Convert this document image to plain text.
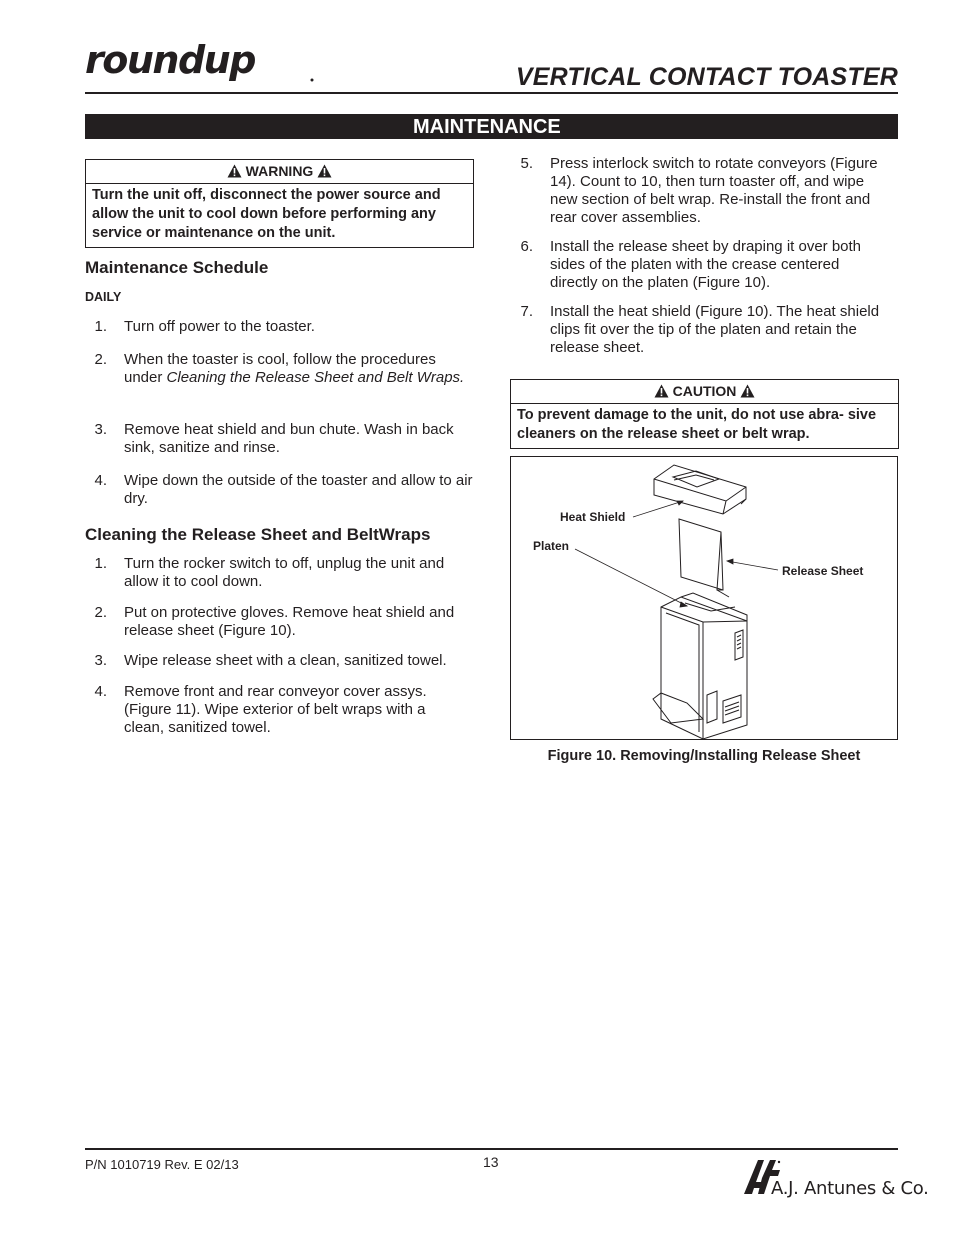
roundup	VERTICAL CONTACT TOASTER
MAINTENANCE
WARNING
Turn the unit off, disconnect the power source and allow the unit to cool down before performing any service or maintenance on the unit.
Maintenance Schedule
DAILY
1. Turn off power to the toaster.
2. When the toaster is cool, follow the procedures under Cleaning the Release Sheet and Belt Wraps.
3. Remove heat shield and bun chute. Wash in back sink, sanitize and rinse.
4. Wipe down the outside of the toaster and allow to air dry.
Cleaning the Release Sheet and BeltWraps
1. Turn the rocker switch to off, unplug the unit and allow it to cool down.
2. Put on protective gloves. Remove heat shield and release sheet (Figure 10).
3. Wipe release sheet with a clean, sanitized towel.
4. Remove front and rear conveyor cover assys. (Figure 11). Wipe exterior of belt wraps with a clean, sanitized towel.
5. Press interlock switch to rotate conveyors (Figure 14). Count to 10, then turn toaster off, and wipe new section of belt wrap. Re-install the front and rear cover assemblies.
6. Install the release sheet by draping it over both sides of the platen with the crease centered directly on the platen (Figure 10).
7. Install the heat shield (Figure 10). The heat shield clips fit over the tip of the platen and retain the release sheet.
CAUTION
To prevent damage to the unit, do not use abra- sive cleaners on the release sheet or belt wrap.
Heat Shield
Platen
Release Sheet
Figure 10. Removing/Installing Release Sheet
P/N 1010719 Rev. E 02/13	13
A.J. Antunes & Co.
